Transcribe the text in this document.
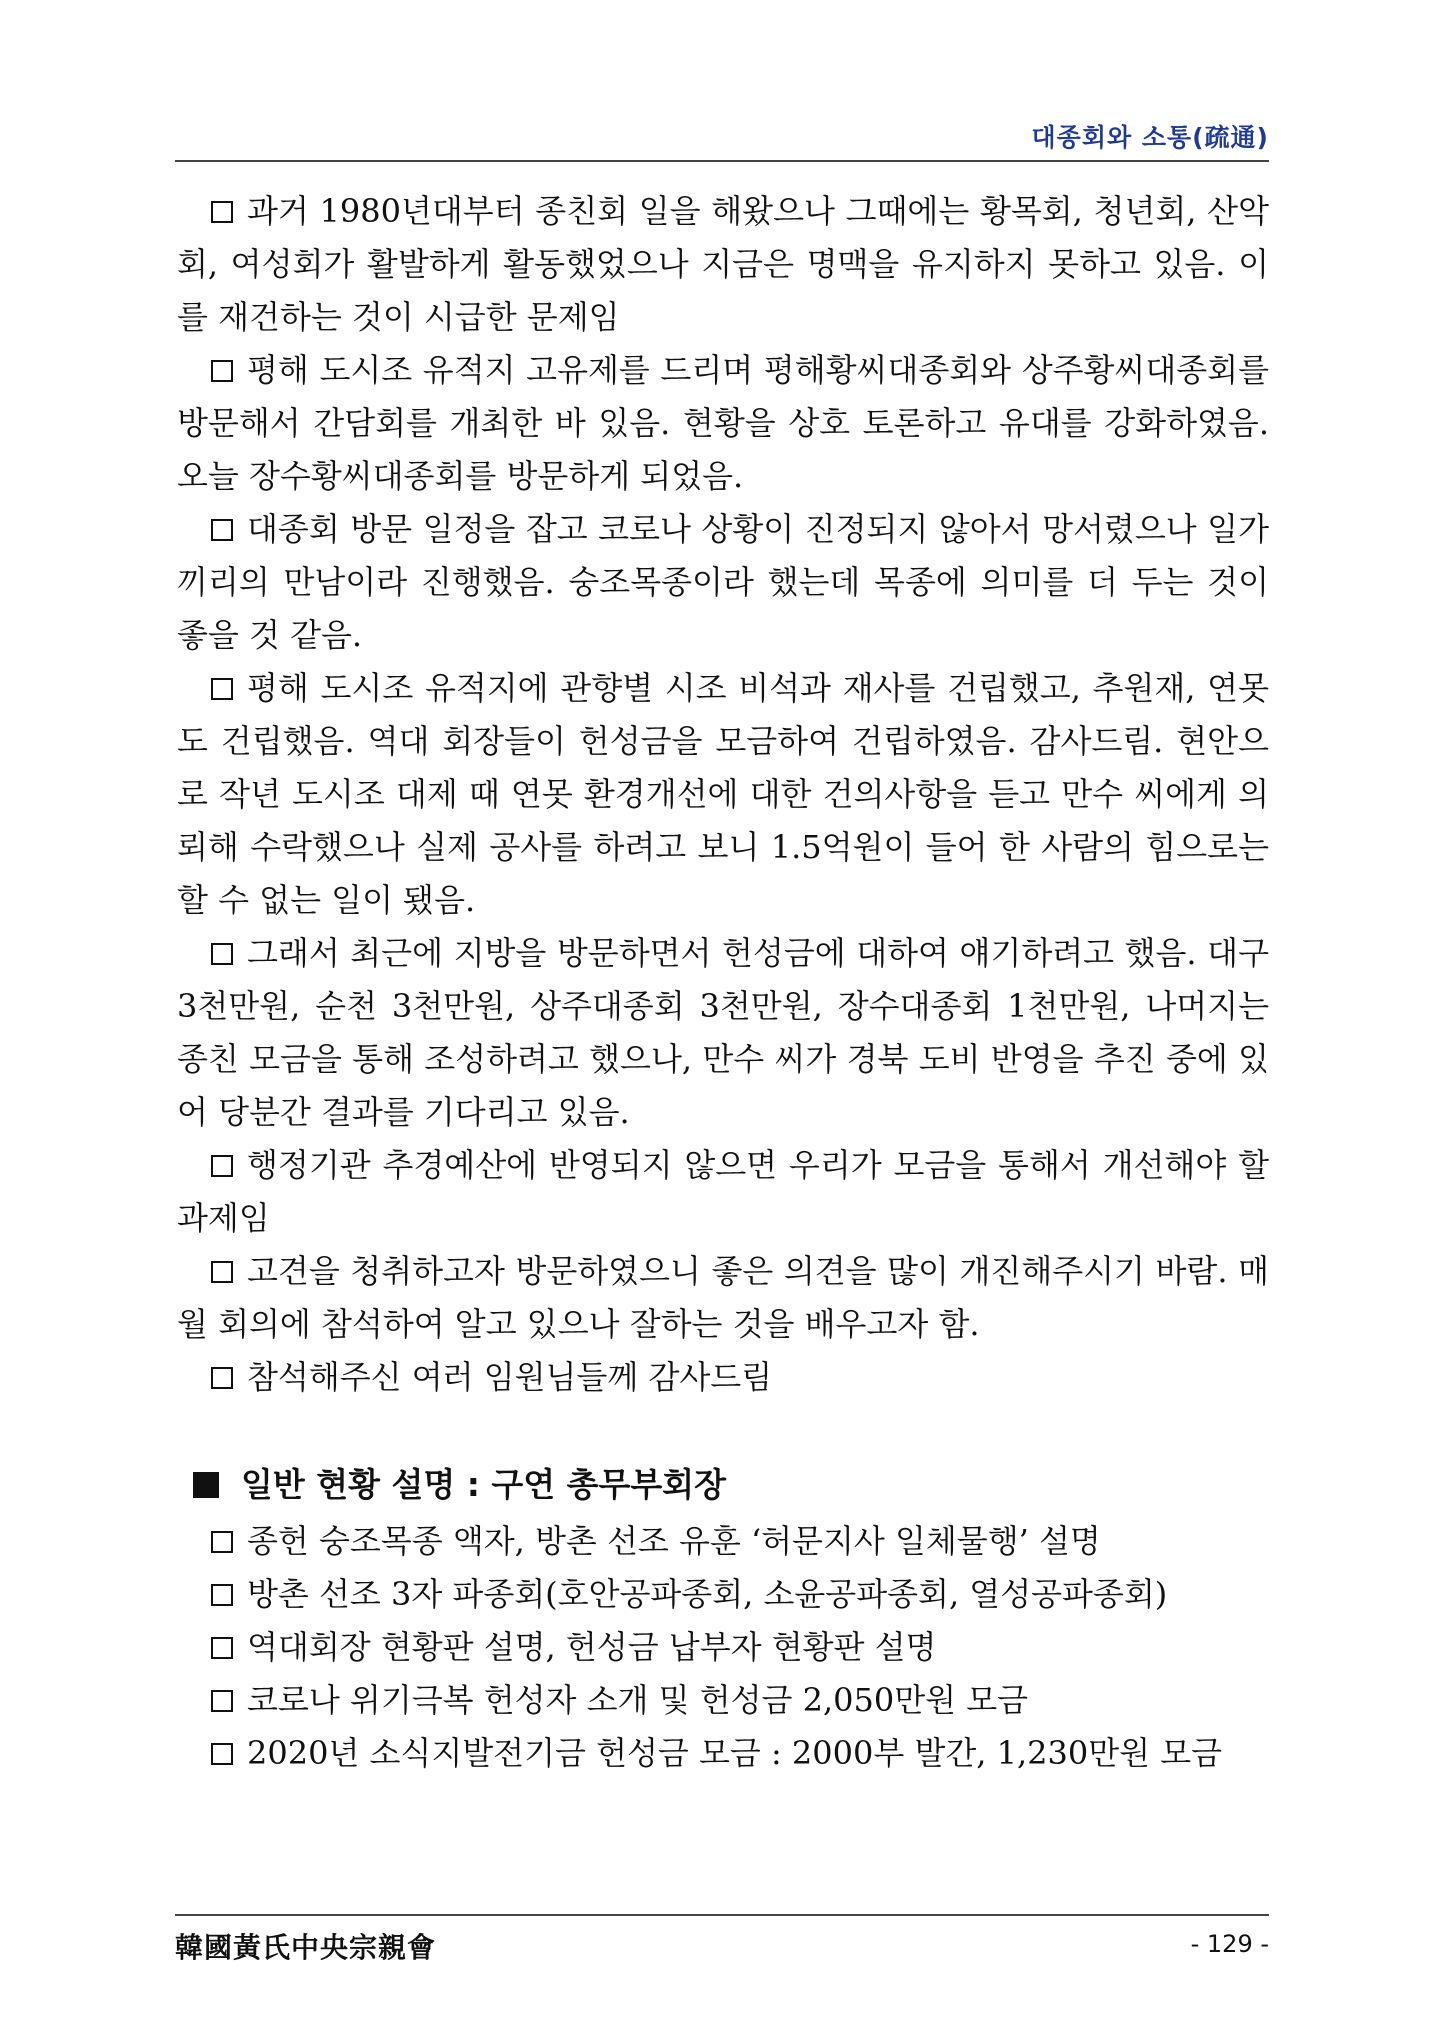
대종회와 소통(疏通)

과거 1980년대부터 종친회 일을 해왔으나 그때에는 황목회, 청년회, 산악회, 여성회가 활발하게 활동했었으나 지금은 명맥을 유지하지 못하고 있음. 이를 재건하는 것이 시급한 문제임

평해 도시조 유적지 고유제를 드리며 평해황씨대종회와 상주황씨대종회를 방문해서 간담회를 개최한 바 있음. 현황을 상호 토론하고 유대를 강화하였음. 오늘 장수황씨대종회를 방문하게 되었음.

대종회 방문 일정을 잡고 코로나 상황이 진정되지 않아서 망서렸으나 일가끼리의 만남이라 진행했음. 숭조목종이라 했는데 목종에 의미를 더 두는 것이 좋을 것 같음.

평해 도시조 유적지에 관향별 시조 비석과 재사를 건립했고, 추원재, 연못도 건립했음. 역대 회장들이 헌성금을 모금하여 건립하였음. 감사드림. 현안으로 작년 도시조 대제 때 연못 환경개선에 대한 건의사항을 듣고 만수 씨에게 의뢰해 수락했으나 실제 공사를 하려고 보니 1.5억원이 들어 한 사람의 힘으로는 할 수 없는 일이 됐음.

그래서 최근에 지방을 방문하면서 헌성금에 대하여 얘기하려고 했음. 대구 3천만원, 순천 3천만원, 상주대종회 3천만원, 장수대종회 1천만원, 나머지는 종친 모금을 통해 조성하려고 했으나, 만수 씨가 경북 도비 반영을 추진 중에 있어 당분간 결과를 기다리고 있음.

행정기관 추경예산에 반영되지 않으면 우리가 모금을 통해서 개선해야 할 과제임

고견을 청취하고자 방문하였으니 좋은 의견을 많이 개진해주시기 바람. 매월 회의에 참석하여 알고 있으나 잘하는 것을 배우고자 함.

참석해주신 여러 임원님들께 감사드림

일반 현황 설명 : 구연 총무부회장
종헌 숭조목종 액자, 방촌 선조 유훈 ‘허문지사 일체물행’ 설명
방촌 선조 3자 파종회(호안공파종회, 소윤공파종회, 열성공파종회)
역대회장 현황판 설명, 헌성금 납부자 현황판 설명
코로나 위기극복 헌성자 소개 및 헌성금 2,050만원 모금
2020년 소식지발전기금 헌성금 모금 : 2000부 발간, 1,230만원 모금
韓國黃氏中央宗親會	- 129 -
